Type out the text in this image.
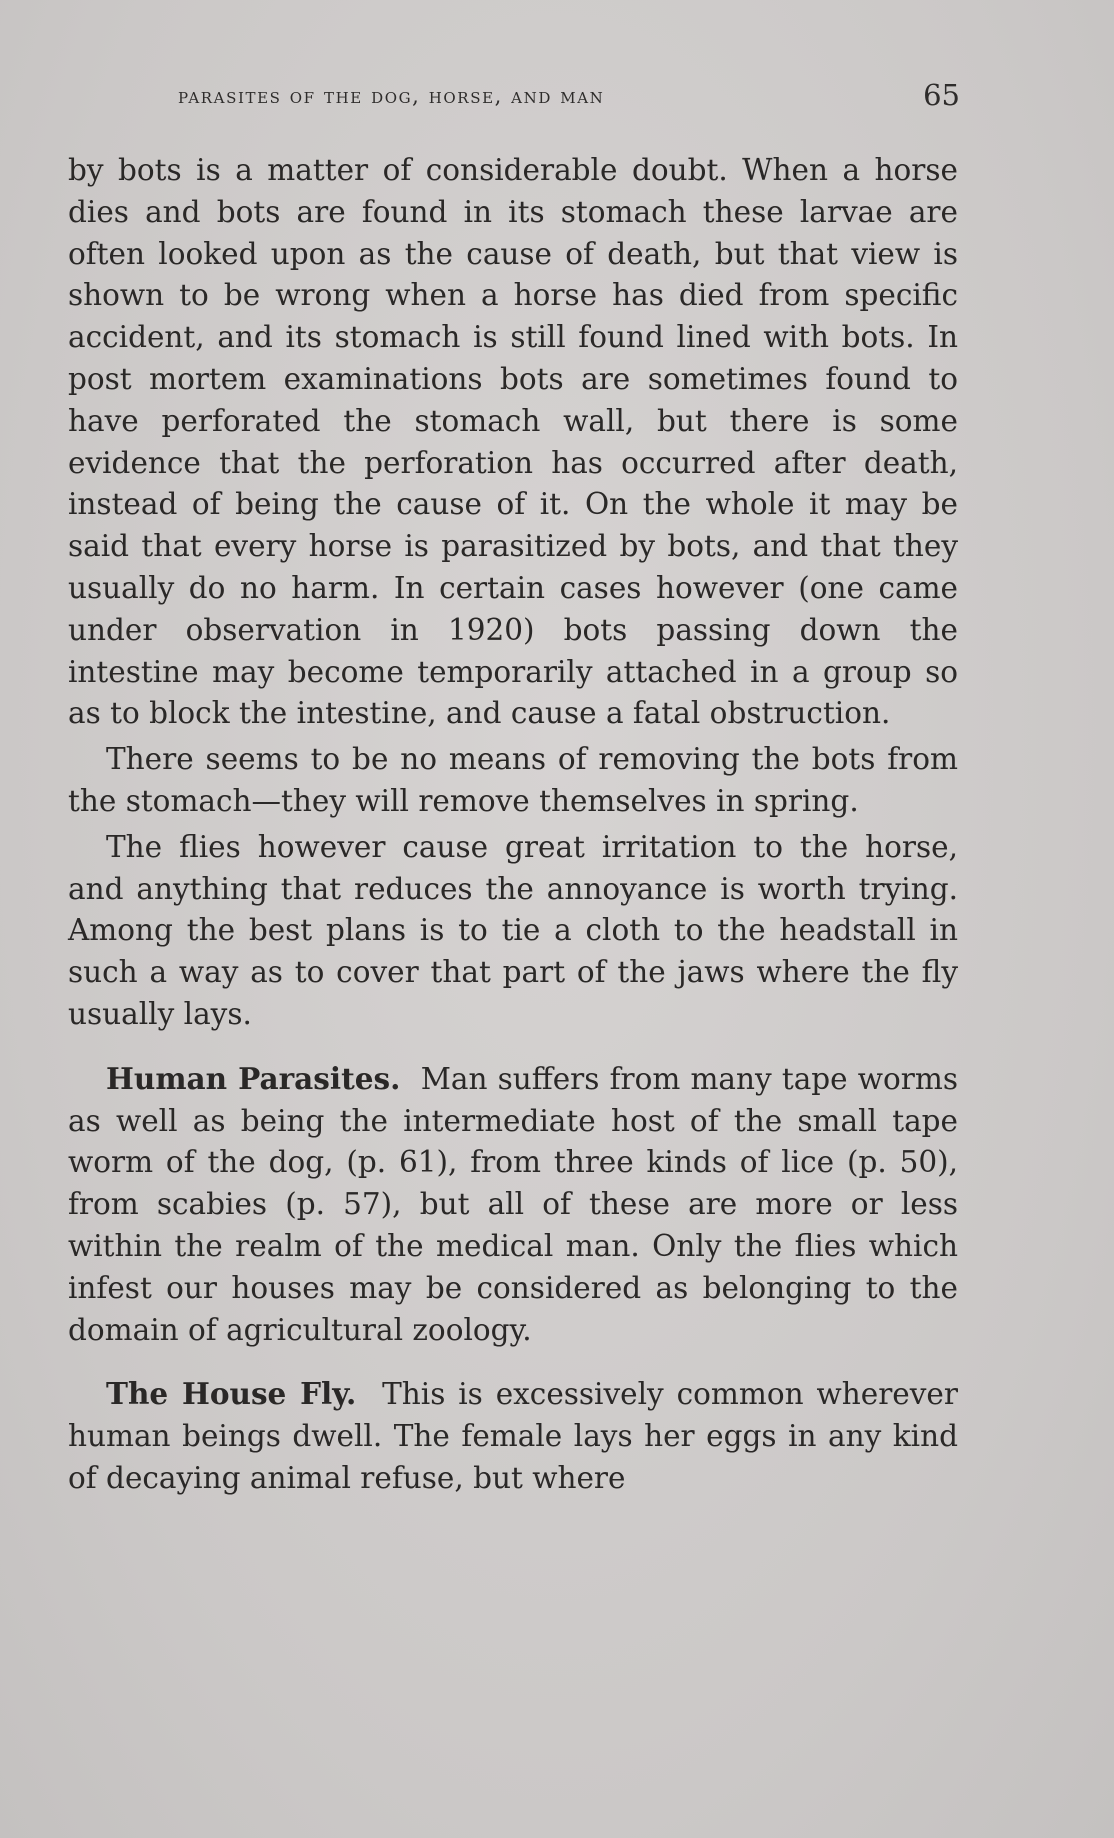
parasites of the dog, horse, and man	65

by bots is a matter of considerable doubt. When a horse dies and bots are found in its stomach these larvae are often looked upon as the cause of death, but that view is shown to be wrong when a horse has died from specific accident, and its stomach is still found lined with bots. In post mortem examinations bots are sometimes found to have perforated the stomach wall, but there is some evidence that the perforation has occurred after death, instead of being the cause of it. On the whole it may be said that every horse is parasitized by bots, and that they usually do no harm. In certain cases however (one came under observation in 1920) bots passing down the intestine may become temporarily attached in a group so as to block the intestine, and cause a fatal obstruction.

There seems to be no means of removing the bots from the stomach—they will remove themselves in spring.

The flies however cause great irritation to the horse, and anything that reduces the annoyance is worth trying. Among the best plans is to tie a cloth to the headstall in such a way as to cover that part of the jaws where the fly usually lays.

Human Parasites. Man suffers from many tape worms as well as being the intermediate host of the small tape worm of the dog, (p. 61), from three kinds of lice (p. 50), from scabies (p. 57), but all of these are more or less within the realm of the medical man. Only the flies which infest our houses may be considered as belonging to the domain of agricultural zoology.

The House Fly. This is excessively common wherever human beings dwell. The female lays her eggs in any kind of decaying animal refuse, but where
